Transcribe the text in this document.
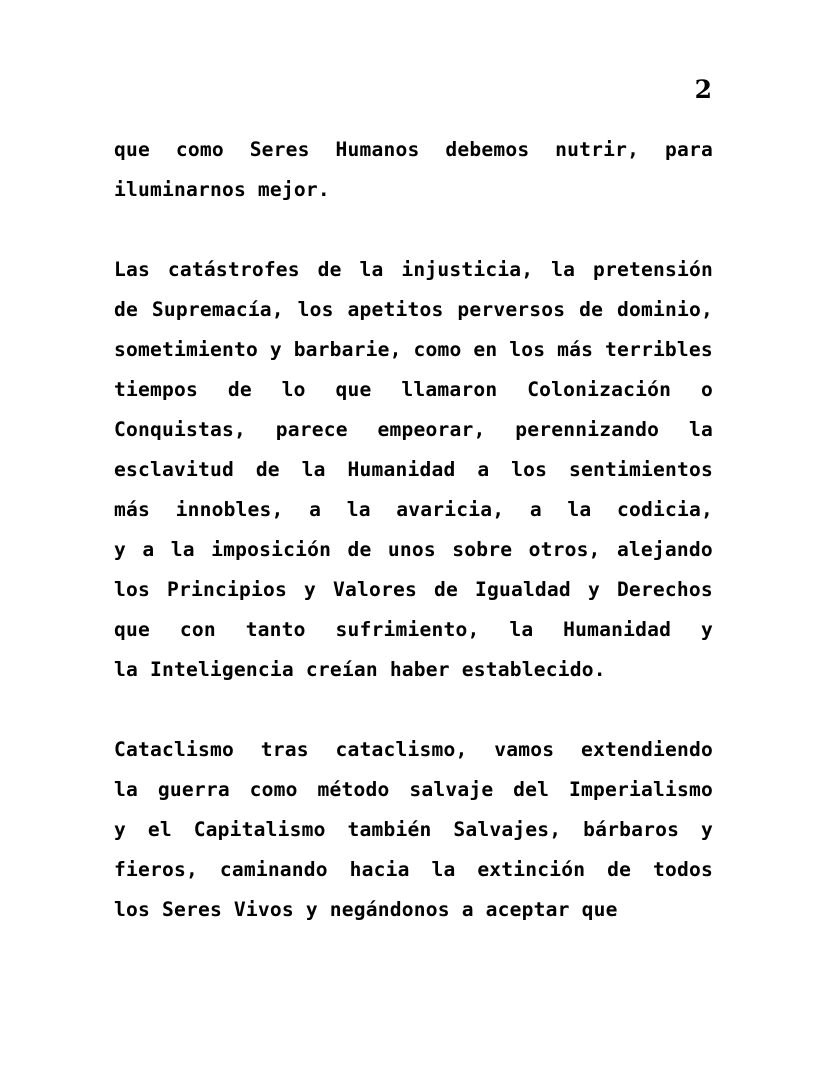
2

que como Seres Humanos debemos nutrir, para
iluminarnos mejor.

Las catástrofes de la injusticia, la pretensión
de Supremacía, los apetitos perversos de dominio,
sometimiento y barbarie, como en los más terribles
tiempos de lo que llamaron Colonización o
Conquistas, parece empeorar, perennizando la
esclavitud de la Humanidad a los sentimientos
más innobles, a la avaricia, a la codicia,
y a la imposición de unos sobre otros, alejando
los Principios y Valores de Igualdad y Derechos
que con tanto sufrimiento, la Humanidad y
la Inteligencia creían haber establecido.

Cataclismo tras cataclismo, vamos extendiendo
la guerra como método salvaje del Imperialismo
y el Capitalismo también Salvajes, bárbaros y
fieros, caminando hacia la extinción de todos
los Seres Vivos y negándonos a aceptar que
